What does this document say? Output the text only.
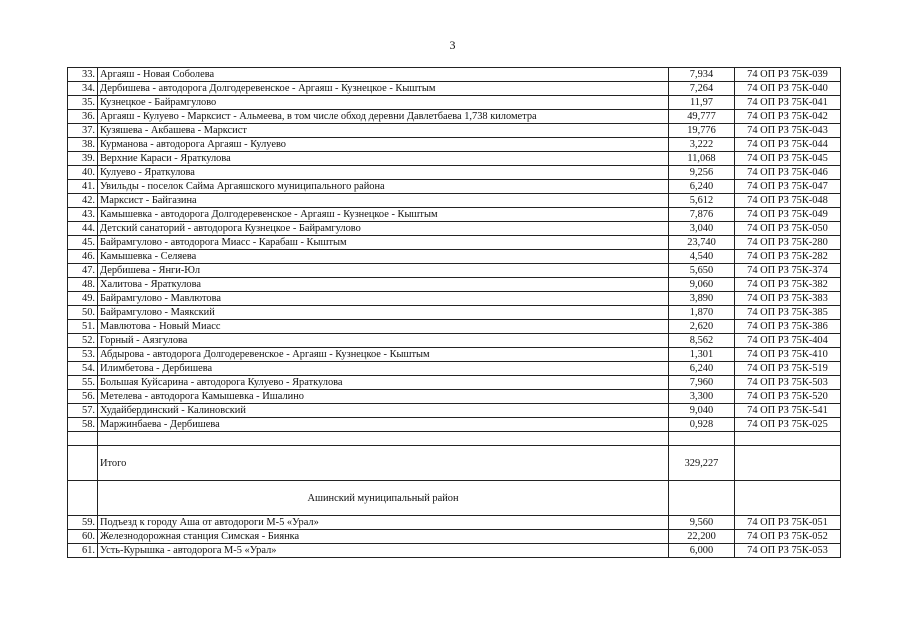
3
33.	Аргаяш - Новая Соболева	7,934	74 ОП РЗ 75К-039
34.	Дербишева - автодорога Долгодеревенское - Аргаяш - Кузнецкое - Кыштым	7,264	74 ОП РЗ 75К-040
35.	Кузнецкое - Байрамгулово	11,97	74 ОП РЗ 75К-041
36.	Аргаяш - Кулуево - Марксист - Альмеева, в том числе обход деревни Давлетбаева 1,738 километра	49,777	74 ОП РЗ 75К-042
37.	Кузяшева - Акбашева - Марксист	19,776	74 ОП РЗ 75К-043
38.	Курманова - автодорога Аргаяш - Кулуево	3,222	74 ОП РЗ 75К-044
39.	Верхние Караси - Яраткулова	11,068	74 ОП РЗ 75К-045
40.	Кулуево - Яраткулова	9,256	74 ОП РЗ 75К-046
41.	Увильды - поселок Сайма Аргаяшского муниципального района	6,240	74 ОП РЗ 75К-047
42.	Марксист - Байгазина	5,612	74 ОП РЗ 75К-048
43.	Камышевка - автодорога Долгодеревенское - Аргаяш - Кузнецкое - Кыштым	7,876	74 ОП РЗ 75К-049
44.	Детский санаторий - автодорога Кузнецкое - Байрамгулово	3,040	74 ОП РЗ 75К-050
45.	Байрамгулово - автодорога Миасс - Карабаш - Кыштым	23,740	74 ОП РЗ 75К-280
46.	Камышевка - Селяева	4,540	74 ОП РЗ 75К-282
47.	Дербишева - Янги-Юл	5,650	74 ОП РЗ 75К-374
48.	Халитова - Яраткулова	9,060	74 ОП РЗ 75К-382
49.	Байрамгулово - Мавлютова	3,890	74 ОП РЗ 75К-383
50.	Байрамгулово - Маякский	1,870	74 ОП РЗ 75К-385
51.	Мавлютова - Новый Миасс	2,620	74 ОП РЗ 75К-386
52.	Горный - Аязгулова	8,562	74 ОП РЗ 75К-404
53.	Абдырова - автодорога Долгодеревенское - Аргаяш - Кузнецкое - Кыштым	1,301	74 ОП РЗ 75К-410
54.	Илимбетова - Дербишева	6,240	74 ОП РЗ 75К-519
55.	Большая Куйсарина - автодорога Кулуево - Яраткулова	7,960	74 ОП РЗ 75К-503
56.	Метелева - автодорога Камышевка - Ишалино	3,300	74 ОП РЗ 75К-520
57.	Худайбердинский - Калиновский	9,040	74 ОП РЗ 75К-541
58.	Маржинбаева - Дербишева	0,928	74 ОП РЗ 75К-025

	Итого	329,227	
	Ашинский муниципальный район		
59.	Подъезд к городу Аша от автодороги М-5 «Урал»	9,560	74 ОП РЗ 75К-051
60.	Железнодорожная станция Симская - Биянка	22,200	74 ОП РЗ 75К-052
61.	Усть-Курышка - автодорога М-5 «Урал»	6,000	74 ОП РЗ 75К-053
